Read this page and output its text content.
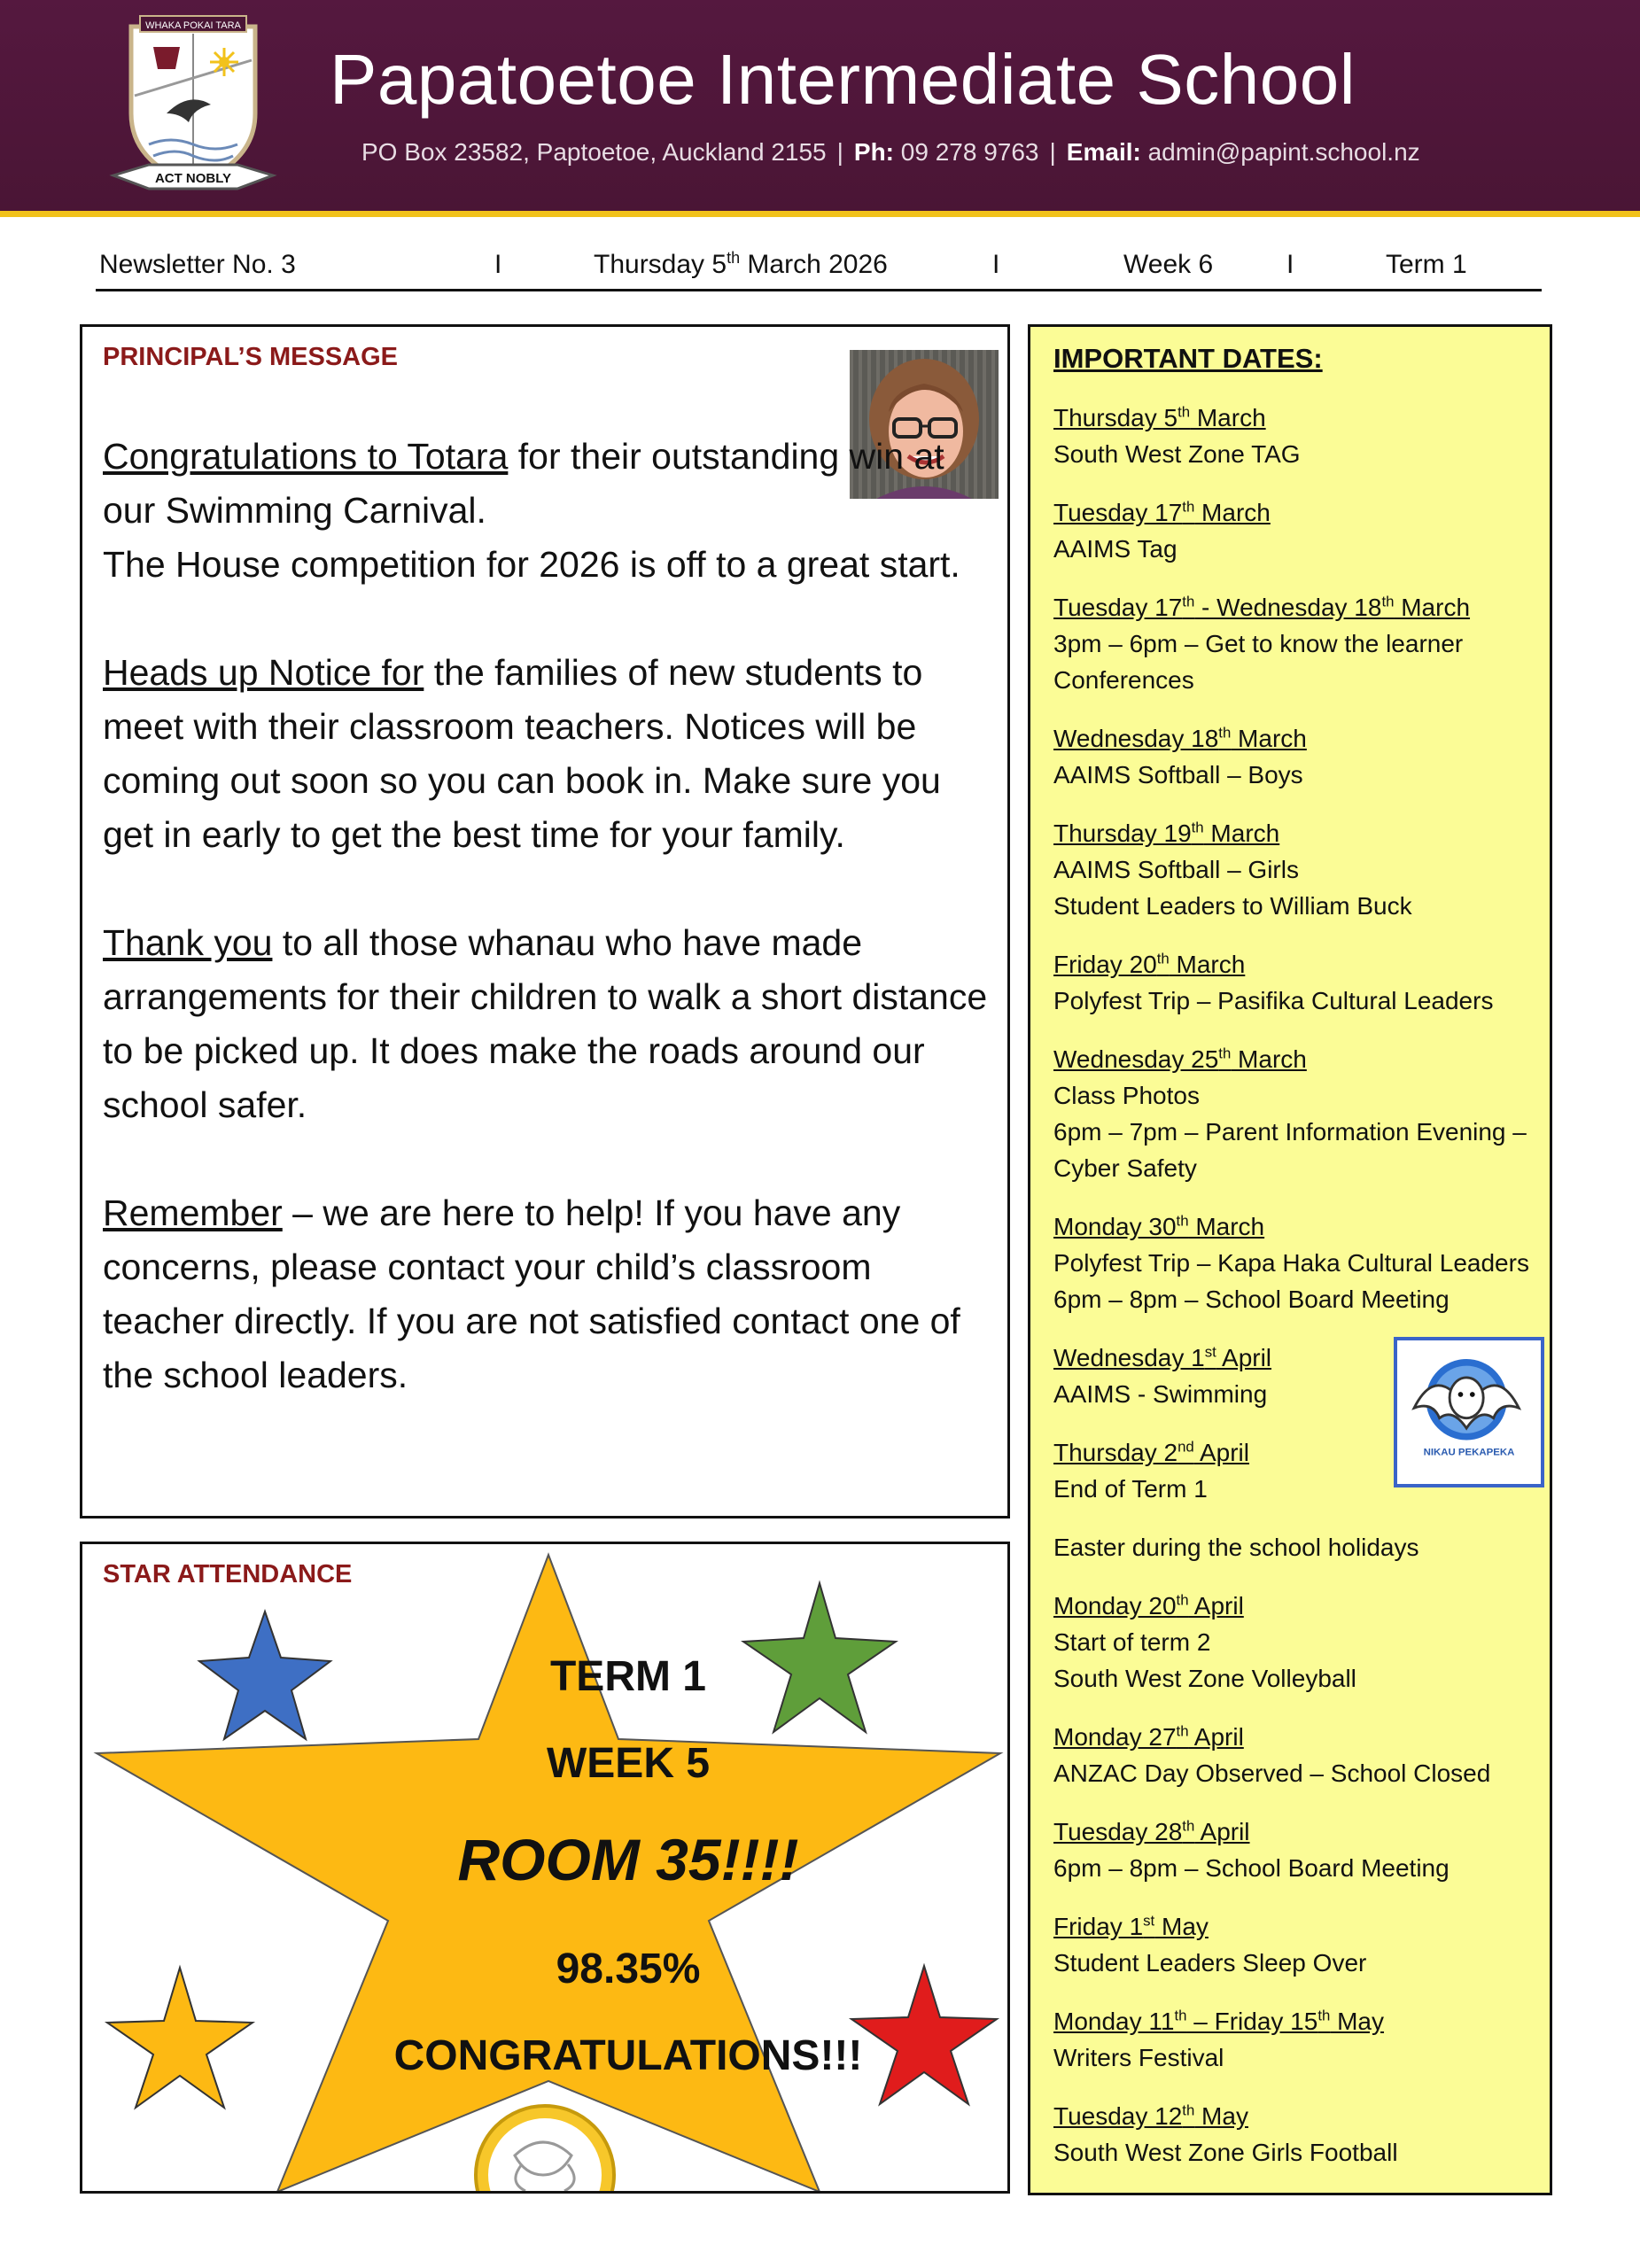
WHAKA POKAI TARA
ACT NOBLY
Papatoetoe Intermediate School
PO Box 23582, Paptoetoe, Auckland 2155 | Ph: 09 278 9763 | Email: admin@papint.school.nz
Newsletter No. 3	I	Thursday 5th March 2026	I	Week 6	I	Term 1
PRINCIPAL’S MESSAGE

Congratulations to Totara for their outstanding win at our Swimming Carnival.
The House competition for 2026 is off to a great start.

Heads up Notice for the families of new students to meet with their classroom teachers. Notices will be coming out soon so you can book in. Make sure you get in early to get the best time for your family.

Thank you to all those whanau who have made arrangements for their children to walk a short distance to be picked up. It does make the roads around our school safer.

Remember – we are here to help! If you have any concerns, please contact your child’s classroom teacher directly. If you are not satisfied contact one of the school leaders.

STAR ATTENDANCE
TERM 1
WEEK 5
ROOM 35!!!!
98.35%
CONGRATULATIONS!!!
IMPORTANT DATES:
Thursday 5th March
South West Zone TAG
Tuesday 17th March
AAIMS Tag
Tuesday 17th - Wednesday 18th March
3pm – 6pm – Get to know the learner Conferences
Wednesday 18th March
AAIMS Softball – Boys
Thursday 19th March
AAIMS Softball – Girls
Student Leaders to William Buck
Friday 20th March
Polyfest Trip – Pasifika Cultural Leaders
Wednesday 25th March
Class Photos
6pm – 7pm – Parent Information Evening – Cyber Safety
Monday 30th March
Polyfest Trip – Kapa Haka Cultural Leaders
6pm – 8pm – School Board Meeting
Wednesday 1st April
AAIMS - Swimming
Thursday 2nd April
End of Term 1
Easter during the school holidays
Monday 20th April
Start of term 2
South West Zone Volleyball
Monday 27th April
ANZAC Day Observed – School Closed
Tuesday 28th April
6pm – 8pm – School Board Meeting
Friday 1st May
Student Leaders Sleep Over
Monday 11th – Friday 15th May
Writers Festival
Tuesday 12th May
South West Zone Girls Football
NIKAU PEKAPEKA
